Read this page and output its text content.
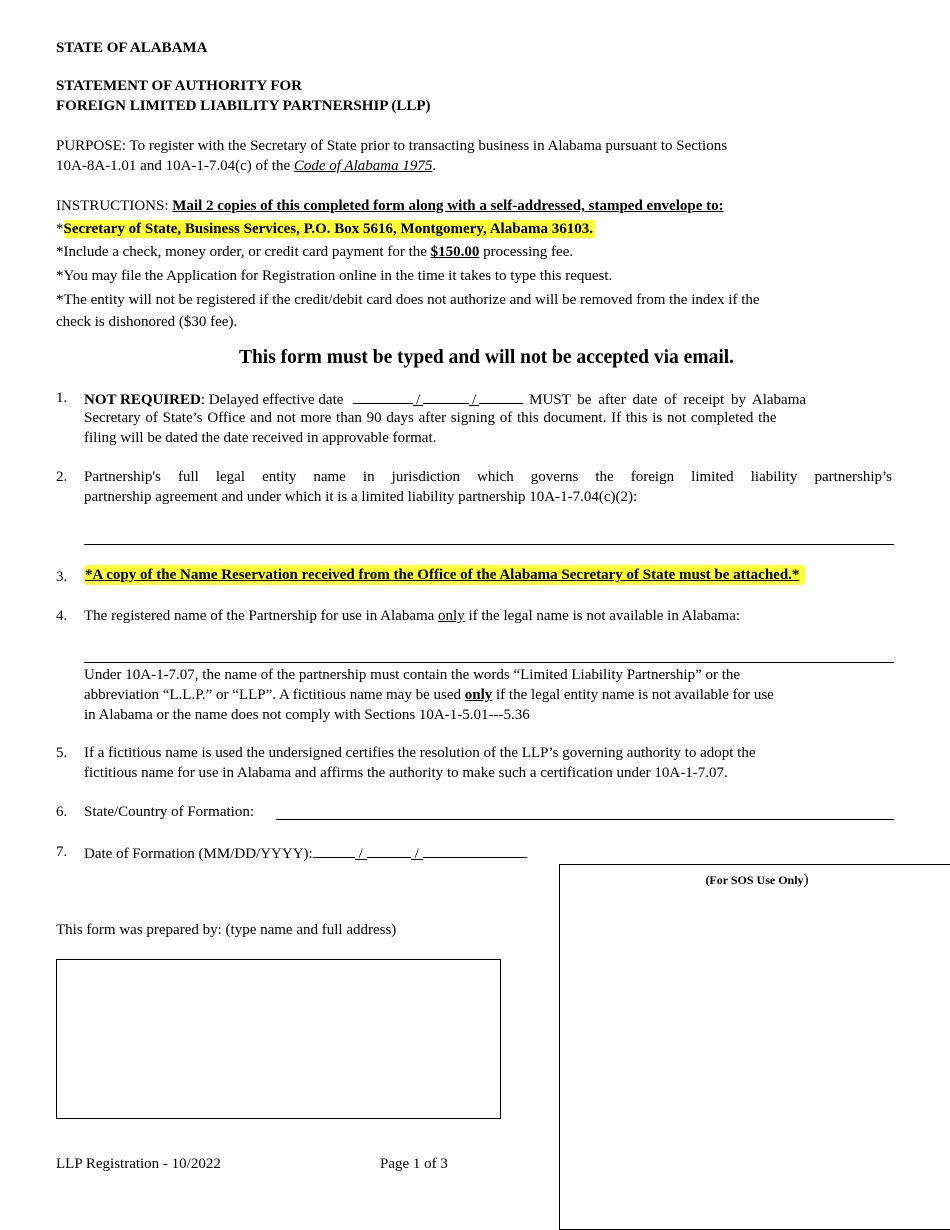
STATE OF ALABAMA
STATEMENT OF AUTHORITY FOR
FOREIGN LIMITED LIABILITY PARTNERSHIP (LLP)
PURPOSE: To register with the Secretary of State prior to transacting business in Alabama pursuant to Sections
10A-8A-1.01 and 10A-1-7.04(c) of the Code of Alabama 1975.
INSTRUCTIONS: Mail 2 copies of this completed form along with a self-addressed, stamped envelope to:
*Secretary of State, Business Services, P.O. Box 5616, Montgomery, Alabama 36103.
*Include a check, money order, or credit card payment for the $150.00 processing fee.
*You may file the Application for Registration online in the time it takes to type this request.
*The entity will not be registered if the credit/debit card does not authorize and will be removed from the index if the
check is dishonored ($30 fee).
This form must be typed and will not be accepted via email.
1. NOT REQUIRED: Delayed effective date	/	/	MUST be after date of receipt by Alabama
Secretary of State’s Office and not more than 90 days after signing of this document. If this is not completed the
filing will be dated the date received in approvable format.
2. Partnership's full legal entity name in jurisdiction which governs the foreign limited liability partnership’s
partnership agreement and under which it is a limited liability partnership 10A-1-7.04(c)(2):
3. *A copy of the Name Reservation received from the Office of the Alabama Secretary of State must be attached.*
4. The registered name of the Partnership for use in Alabama only if the legal name is not available in Alabama:
Under 10A-1-7.07, the name of the partnership must contain the words “Limited Liability Partnership” or the
abbreviation “L.L.P.” or “LLP”. A fictitious name may be used only if the legal entity name is not available for use
in Alabama or the name does not comply with Sections 10A-1-5.01---5.36
5. If a fictitious name is used the undersigned certifies the resolution of the LLP’s governing authority to adopt the
fictitious name for use in Alabama and affirms the authority to make such a certification under 10A-1-7.07.
6. State/Country of Formation:
7. Date of Formation (MM/DD/YYYY):	/	/
This form was prepared by: (type name and full address)
(For SOS Use Only)
LLP Registration - 10/2022	Page 1 of 3
